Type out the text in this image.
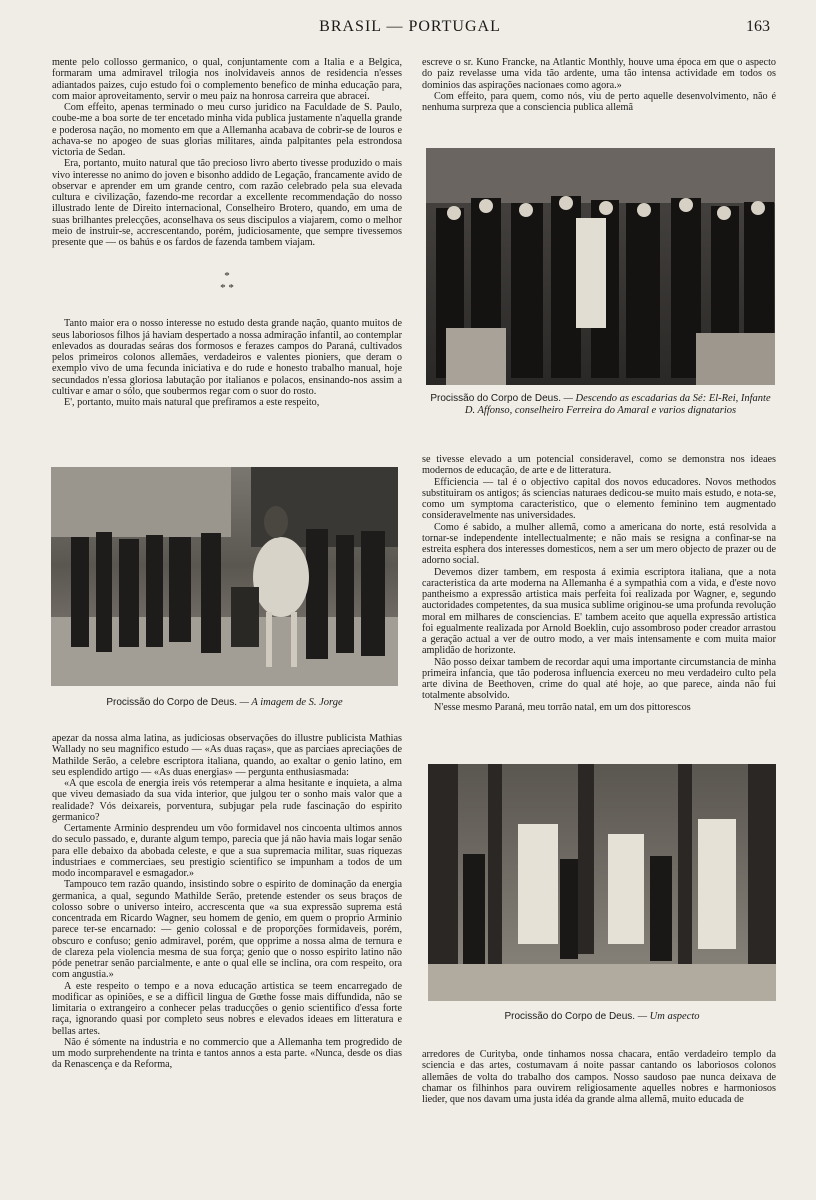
BRASIL — PORTUGAL	163

mente pelo collosso germanico, o qual, conjuntamente com a Italia e a Belgica, formaram uma admiravel trilogia nos inolvidaveis annos de residencia n'esses adiantados paizes, cujo estudo foi o complemento benefico de minha educação para, com maior aproveitamento, servir o meu paiz na honrosa carreira que abracei.

Com effeito, apenas terminado o meu curso juridico na Faculdade de S. Paulo, coube-me a boa sorte de ter encetado minha vida publica justamente n'aquella grande e poderosa nação, no momento em que a Allemanha acabava de cobrir-se de louros e achava-se no apogeo de suas glorias militares, ainda palpitantes pela estrondosa victoria de Sedan.

Era, portanto, muito natural que tão precioso livro aberto tivesse produzido o mais vivo interesse no animo do joven e bisonho addido de Legação, francamente avido de observar e aprender em um grande centro, com razão celebrado pela sua elevada cultura e civilização, fazendo-me recordar a excellente recommendação do nosso illustrado lente de Direito internacional, Conselheiro Brotero, quando, em uma de suas brilhantes prelecções, aconselhava os seus discipulos a viajarem, como o melhor meio de instruir-se, accrescentando, porém, judiciosamente, que sempre tivessemos presente que — os bahús e os fardos de fazenda tambem viajam.

*
* *

Tanto maior era o nosso interesse no estudo desta grande nação, quanto muitos de seus laboriosos filhos já haviam despertado a nossa admiração infantil, ao contemplar enlevados as douradas seáras dos formosos e ferazes campos do Paraná, cultivados pelos primeiros colonos allemães, verdadeiros e valentes pioniers, que deram o exemplo vivo de uma fecunda iniciativa e do rude e honesto trabalho manual, hoje secundados n'essa gloriosa labutação por italianos e polacos, ensinando-nos assim a cultivar e amar o sólo, que soubermos regar com o suor do rosto.

E', portanto, muito mais natural que prefiramos a este respeito,

Procissão do Corpo de Deus. — A imagem de S. Jorge

apezar da nossa alma latina, as judiciosas observações do illustre publicista Mathias Wallady no seu magnifico estudo — «As duas raças», que as parciaes apreciações de Mathilde Serão, a celebre escriptora italiana, quando, ao exaltar o genio latino, em seu esplendido artigo — «As duas energias» — pergunta enthusiasmada:

«A que escola de energia irеis vós retemperar a alma hesitante e inquieta, a alma que viveu demasiado da sua vida interior, que julgou ter o sonho mais valor que a realidade? Vós deixareis, porventura, subjugar pela rude fascinação do espirito germanico?

Certamente Arminio desprendeu um vôo formidavel nos cincoenta ultimos annos do seculo passado, e, durante algum tempo, parecia que já não havia mais logar senão para elle debaixo da abobada celeste, e que a sua supremacia militar, suas riquezas industriaes e commerciaes, seu prestigio scientifico se impunham a todos de um modo incomparavel e esmagador.»

Tampouco tem razão quando, insistindo sobre o espirito de dominação da energia germanica, a qual, segundo Mathilde Serão, pretende estender os seus braços de colosso sobre o universo inteiro, accrescenta que «a sua expressão suprema está concentrada em Ricardo Wagner, seu homem de genio, em quem o proprio Arminio parece ter-se encarnado: — genio colossal e de proporções formidaveis, porém, obscuro e confuso; genio admiravel, porém, que opprime a nossa alma de ternura e de clareza pela violencia mesma de sua força; genio que o nosso espirito latino não póde penetrar senão parcialmente, e ante o qual elle se inclina, ora com respeito, ora com angustia.»

A este respeito o tempo e a nova educação artistica se teem encarregado de modificar as opiniões, e se a difficil lingua de Gœthe fosse mais diffundida, não se limitaria o extrangeiro a conhecer pelas traducções o genio scientifico d'essa forte raça, ignorando quasi por completo seus nobres e elevados ideaes em litteratura e bellas artes.

Não é sómente na industria e no commercio que a Allemanha tem progredido de um modo surprehendente na trinta e tantos annos a esta parte. «Nunca, desde os dias da Renascença e da Reforma,

escreve o sr. Kuno Francke, na Atlantic Monthly, houve uma época em que o aspecto do paiz revelasse uma vida tão ardente, uma tão intensa actividade em todos os dominios das aspirações nacionaes como agora.»

Com effeito, para quem, como nós, viu de perto aquelle desenvolvimento, não é nenhuma surpreza que a consciencia publica allemã

Procissão do Corpo de Deus. — Descendo as escadarias da Sé: El-Rei, Infante D. Affonso, conselheiro Ferreira do Amaral e varios dignatarios

se tivesse elevado a um potencial consideravel, como se demonstra nos ideaes modernos de educação, de arte e de litteratura.

Efficiencia — tal é o objectivo capital dos novos educadores. Novos methodos substituiram os antigos; ás sciencias naturaes dedicou-se muito mais estudo, e nota-se, como um symptoma caracteristico, que o elemento feminino tem augmentado consideravelmente nas universidades.

Como é sabido, a mulher allemã, como a americana do norte, está resolvida a tornar-se independente intellectualmente; e não mais se resigna a confinar-se na estreita esphera dos interesses domesticos, nem a ser um mero objecto de prazer ou de adorno social.

Devemos dizer tambem, em resposta á eximia escriptora italiana, que a nota caracteristica da arte moderna na Allemanha é a sympathia com a vida, e d'este novo pantheismo a expressão artistica mais perfeita foi realizada por Wagner, e, segundo auctoridades competentes, da sua musica sublime originou-se uma profunda revolução moral em milhares de consciencias. E' tambem aceito que aquella expressão artistica foi egualmente realizada por Arnold Boeklin, cujo assombroso poder creador arrastou a geração actual a ver de outro modo, a ver mais intensamente e com muita maior amplidão de horizonte.

Não posso deixar tambem de recordar aqui uma importante circumstancia de minha primeira infancia, que tão poderosa influencia exerceu no meu verdadeiro culto pela arte divina de Beethoven, crime do qual até hoje, ao que parece, ainda não fui totalmente absolvido.

N'esse mesmo Paraná, meu torrão natal, em um dos pittorescos

Procissão do Corpo de Deus. — Um aspecto

arredores de Curityba, onde tinhamos nossa chacara, então verdadeiro templo da sciencia e das artes, costumavam á noite passar cantando os laboriosos colonos allemães de volta do trabalho dos campos. Nosso saudoso pae nunca deixava de chamar os filhinhos para ouvirem religiosamente aquelles nobres e harmoniosos lieder, que nos davam uma justa idéa da grande alma allemã, muito educada de
